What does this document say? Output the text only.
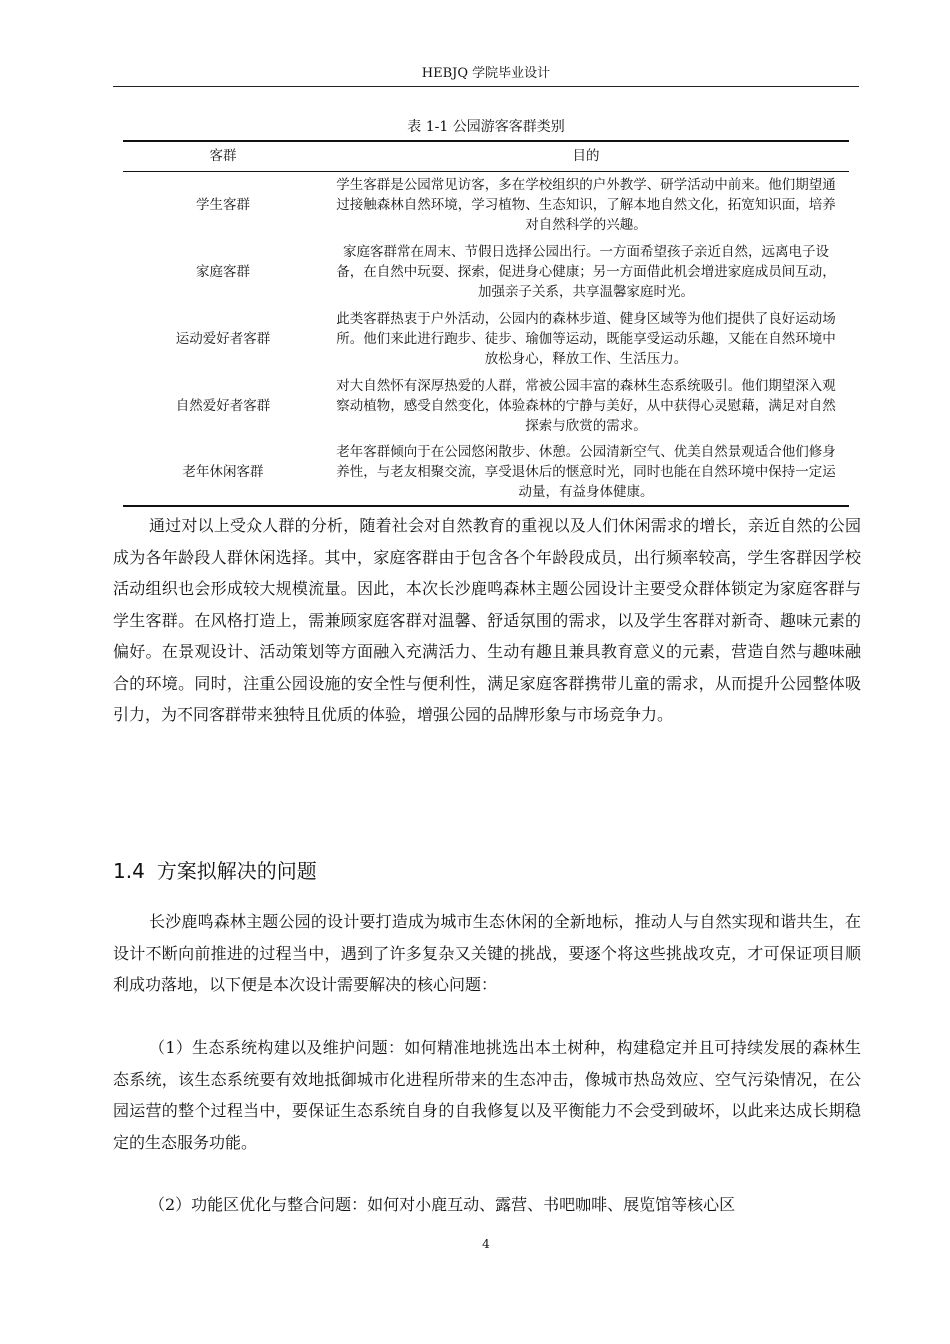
HEBJQ 学院毕业设计
表 1-1 公园游客客群类别
客群	目的
学生客群	学生客群是公园常见访客，多在学校组织的户外教学、研学活动中前来。他们期望通过接触森林自然环境，学习植物、生态知识，了解本地自然文化，拓宽知识面，培养对自然科学的兴趣。
家庭客群	家庭客群常在周末、节假日选择公园出行。一方面希望孩子亲近自然，远离电子设备，在自然中玩耍、探索，促进身心健康；另一方面借此机会增进家庭成员间互动，加强亲子关系，共享温馨家庭时光。
运动爱好者客群	此类客群热衷于户外活动，公园内的森林步道、健身区域等为他们提供了良好运动场所。他们来此进行跑步、徒步、瑜伽等运动，既能享受运动乐趣，又能在自然环境中放松身心，释放工作、生活压力。
自然爱好者客群	对大自然怀有深厚热爱的人群，常被公园丰富的森林生态系统吸引。他们期望深入观察动植物，感受自然变化，体验森林的宁静与美好，从中获得心灵慰藉，满足对自然探索与欣赏的需求。
老年休闲客群	老年客群倾向于在公园悠闲散步、休憩。公园清新空气、优美自然景观适合他们修身养性，与老友相聚交流，享受退休后的惬意时光，同时也能在自然环境中保持一定运动量，有益身体健康。

通过对以上受众人群的分析，随着社会对自然教育的重视以及人们休闲需求的增长，亲近自然的公园成为各年龄段人群休闲选择。其中，家庭客群由于包含各个年龄段成员，出行频率较高，学生客群因学校活动组织也会形成较大规模流量。因此，本次长沙鹿鸣森林主题公园设计主要受众群体锁定为家庭客群与学生客群。在风格打造上，需兼顾家庭客群对温馨、舒适氛围的需求，以及学生客群对新奇、趣味元素的偏好。在景观设计、活动策划等方面融入充满活力、生动有趣且兼具教育意义的元素，营造自然与趣味融合的环境。同时，注重公园设施的安全性与便利性，满足家庭客群携带儿童的需求，从而提升公园整体吸引力，为不同客群带来独特且优质的体验，增强公园的品牌形象与市场竞争力。

1.4 方案拟解决的问题

长沙鹿鸣森林主题公园的设计要打造成为城市生态休闲的全新地标，推动人与自然实现和谐共生，在设计不断向前推进的过程当中，遇到了许多复杂又关键的挑战，要逐个将这些挑战攻克，才可保证项目顺利成功落地，以下便是本次设计需要解决的核心问题：

（1）生态系统构建以及维护问题：如何精准地挑选出本土树种，构建稳定并且可持续发展的森林生态系统，该生态系统要有效地抵御城市化进程所带来的生态冲击，像城市热岛效应、空气污染情况，在公园运营的整个过程当中，要保证生态系统自身的自我修复以及平衡能力不会受到破坏，以此来达成长期稳定的生态服务功能。

（2）功能区优化与整合问题：如何对小鹿互动、露营、书吧咖啡、展览馆等核心区

4
